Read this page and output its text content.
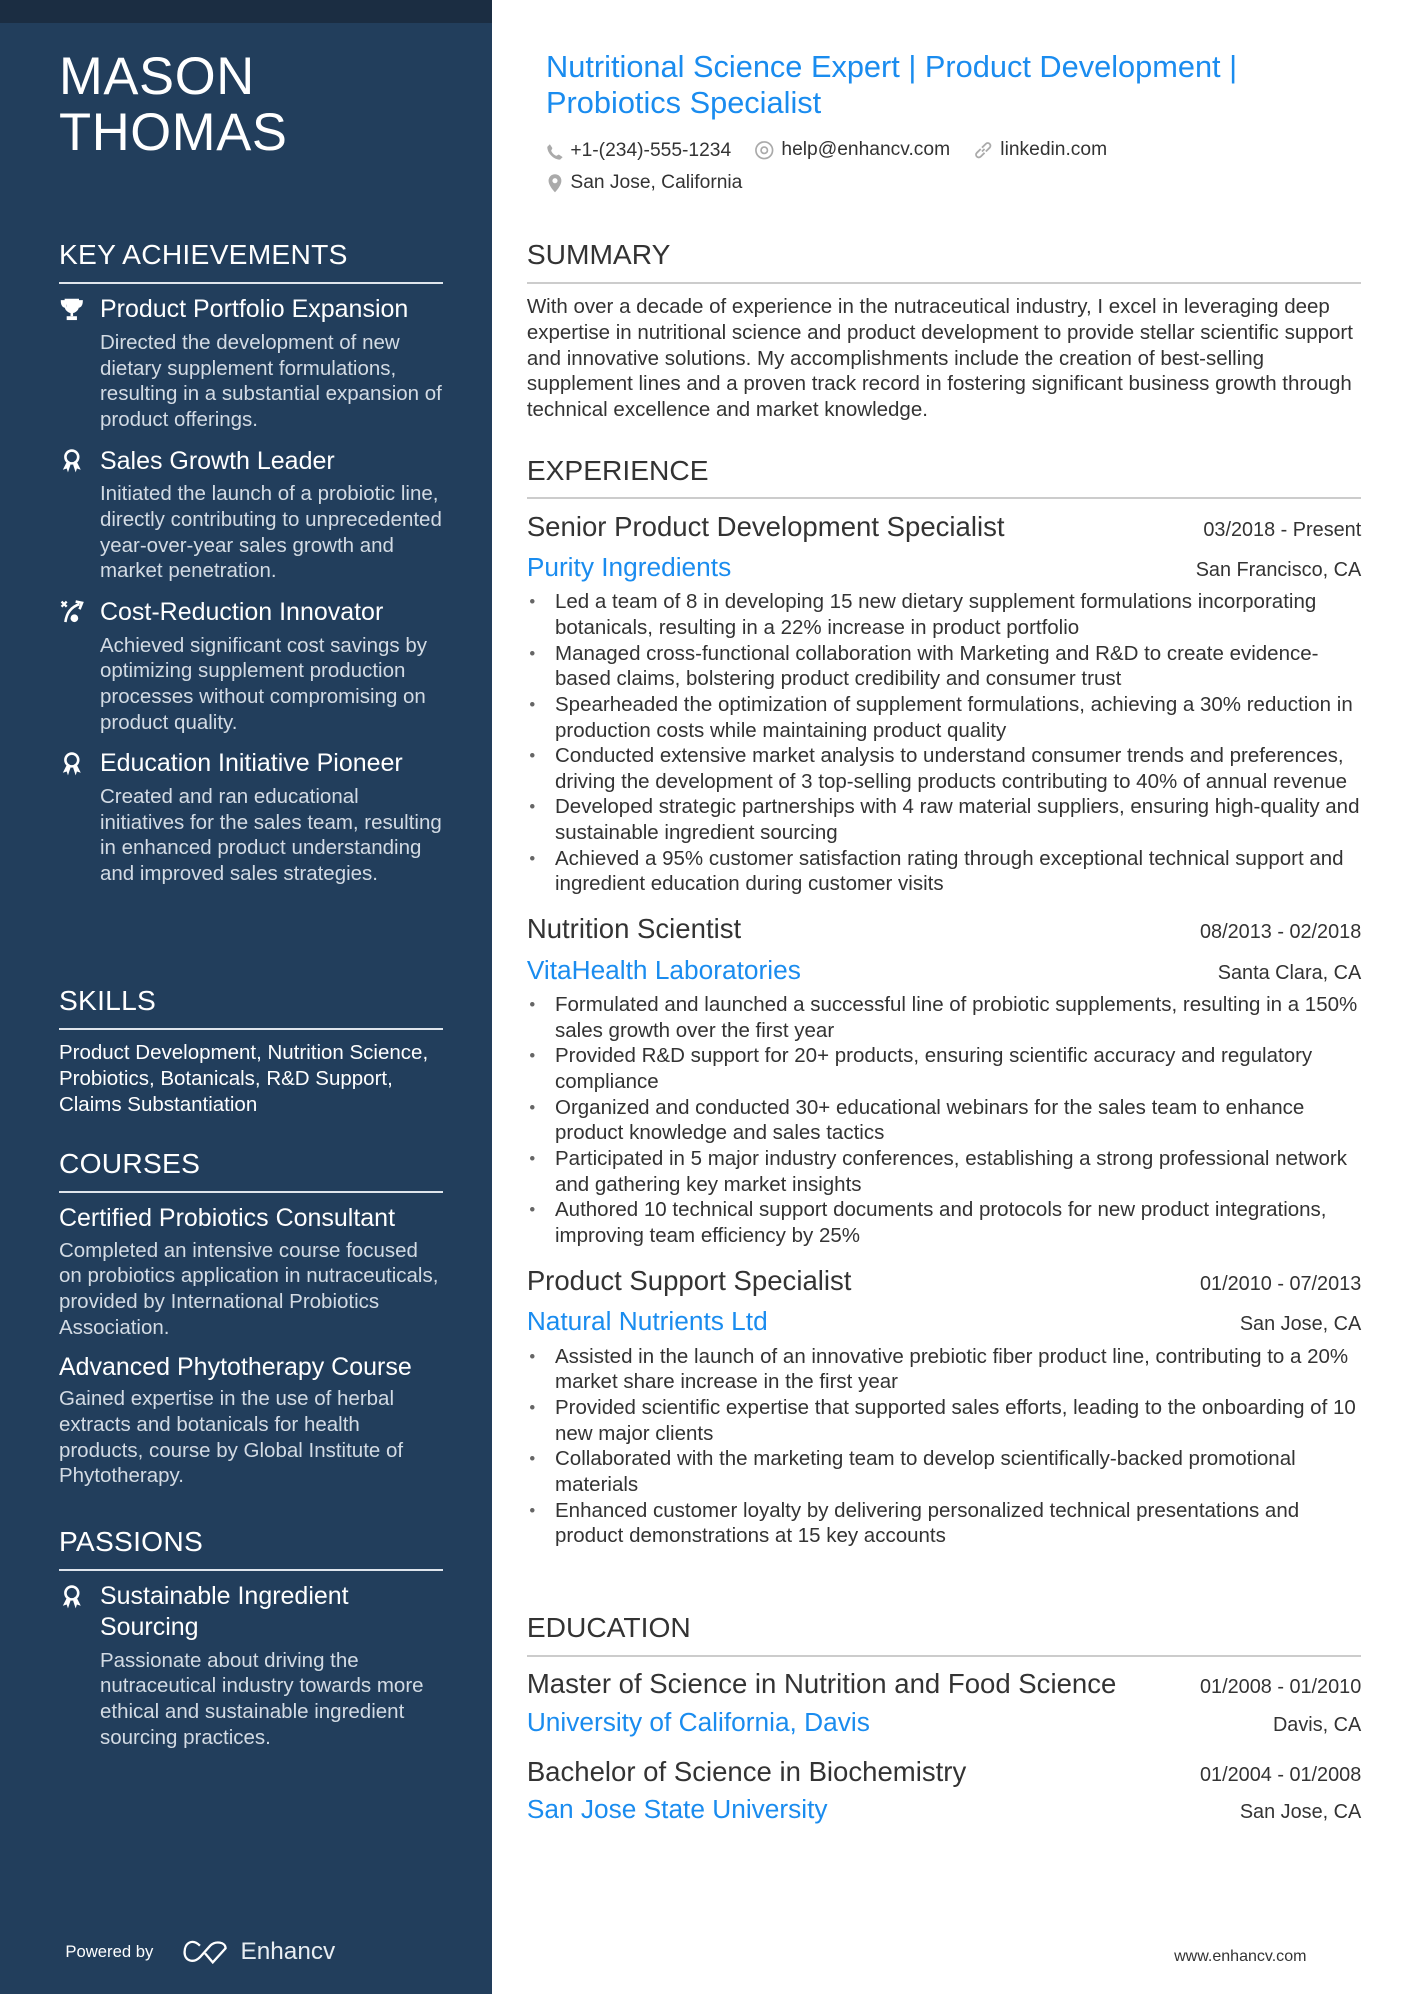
MASON
THOMAS
KEY ACHIEVEMENTS
Product Portfolio Expansion
Directed the development of new dietary supplement formulations, resulting in a substantial expansion of product offerings.
Sales Growth Leader
Initiated the launch of a probiotic line, directly contributing to unprecedented year-over-year sales growth and market penetration.
Cost-Reduction Innovator
Achieved significant cost savings by optimizing supplement production processes without compromising on product quality.
Education Initiative Pioneer
Created and ran educational initiatives for the sales team, resulting in enhanced product understanding and improved sales strategies.
SKILLS
Product Development, Nutrition Science, Probiotics, Botanicals, R&D Support, Claims Substantiation
COURSES
Certified Probiotics Consultant
Completed an intensive course focused on probiotics application in nutraceuticals, provided by International Probiotics Association.
Advanced Phytotherapy Course
Gained expertise in the use of herbal extracts and botanicals for health products, course by Global Institute of Phytotherapy.
PASSIONS
Sustainable Ingredient Sourcing
Passionate about driving the nutraceutical industry towards more ethical and sustainable ingredient sourcing practices.
Powered by	Enhancv
Nutritional Science Expert | Product Development | Probiotics Specialist
+1-(234)-555-1234
	help@enhancv.com
	linkedin.com
San Jose, California
SUMMARY
With over a decade of experience in the nutraceutical industry, I excel in leveraging deep expertise in nutritional science and product development to provide stellar scientific support and innovative solutions. My accomplishments include the creation of best-selling supplement lines and a proven track record in fostering significant business growth through technical excellence and market knowledge.
EXPERIENCE
Senior Product Development Specialist	03/2018 - Present
Purity Ingredients	San Francisco, CA
• Led a team of 8 in developing 15 new dietary supplement formulations incorporating botanicals, resulting in a 22% increase in product portfolio
• Managed cross-functional collaboration with Marketing and R&D to create evidence-based claims, bolstering product credibility and consumer trust
• Spearheaded the optimization of supplement formulations, achieving a 30% reduction in production costs while maintaining product quality
• Conducted extensive market analysis to understand consumer trends and preferences, driving the development of 3 top-selling products contributing to 40% of annual revenue
• Developed strategic partnerships with 4 raw material suppliers, ensuring high-quality and sustainable ingredient sourcing
• Achieved a 95% customer satisfaction rating through exceptional technical support and ingredient education during customer visits
Nutrition Scientist	08/2013 - 02/2018
VitaHealth Laboratories	Santa Clara, CA
• Formulated and launched a successful line of probiotic supplements, resulting in a 150% sales growth over the first year
• Provided R&D support for 20+ products, ensuring scientific accuracy and regulatory compliance
• Organized and conducted 30+ educational webinars for the sales team to enhance product knowledge and sales tactics
• Participated in 5 major industry conferences, establishing a strong professional network and gathering key market insights
• Authored 10 technical support documents and protocols for new product integrations, improving team efficiency by 25%
Product Support Specialist	01/2010 - 07/2013
Natural Nutrients Ltd	San Jose, CA
• Assisted in the launch of an innovative prebiotic fiber product line, contributing to a 20% market share increase in the first year
• Provided scientific expertise that supported sales efforts, leading to the onboarding of 10 new major clients
• Collaborated with the marketing team to develop scientifically-backed promotional materials
• Enhanced customer loyalty by delivering personalized technical presentations and product demonstrations at 15 key accounts
EDUCATION
Master of Science in Nutrition and Food Science	01/2008 - 01/2010
University of California, Davis	Davis, CA
Bachelor of Science in Biochemistry	01/2004 - 01/2008
San Jose State University	San Jose, CA
www.enhancv.com
